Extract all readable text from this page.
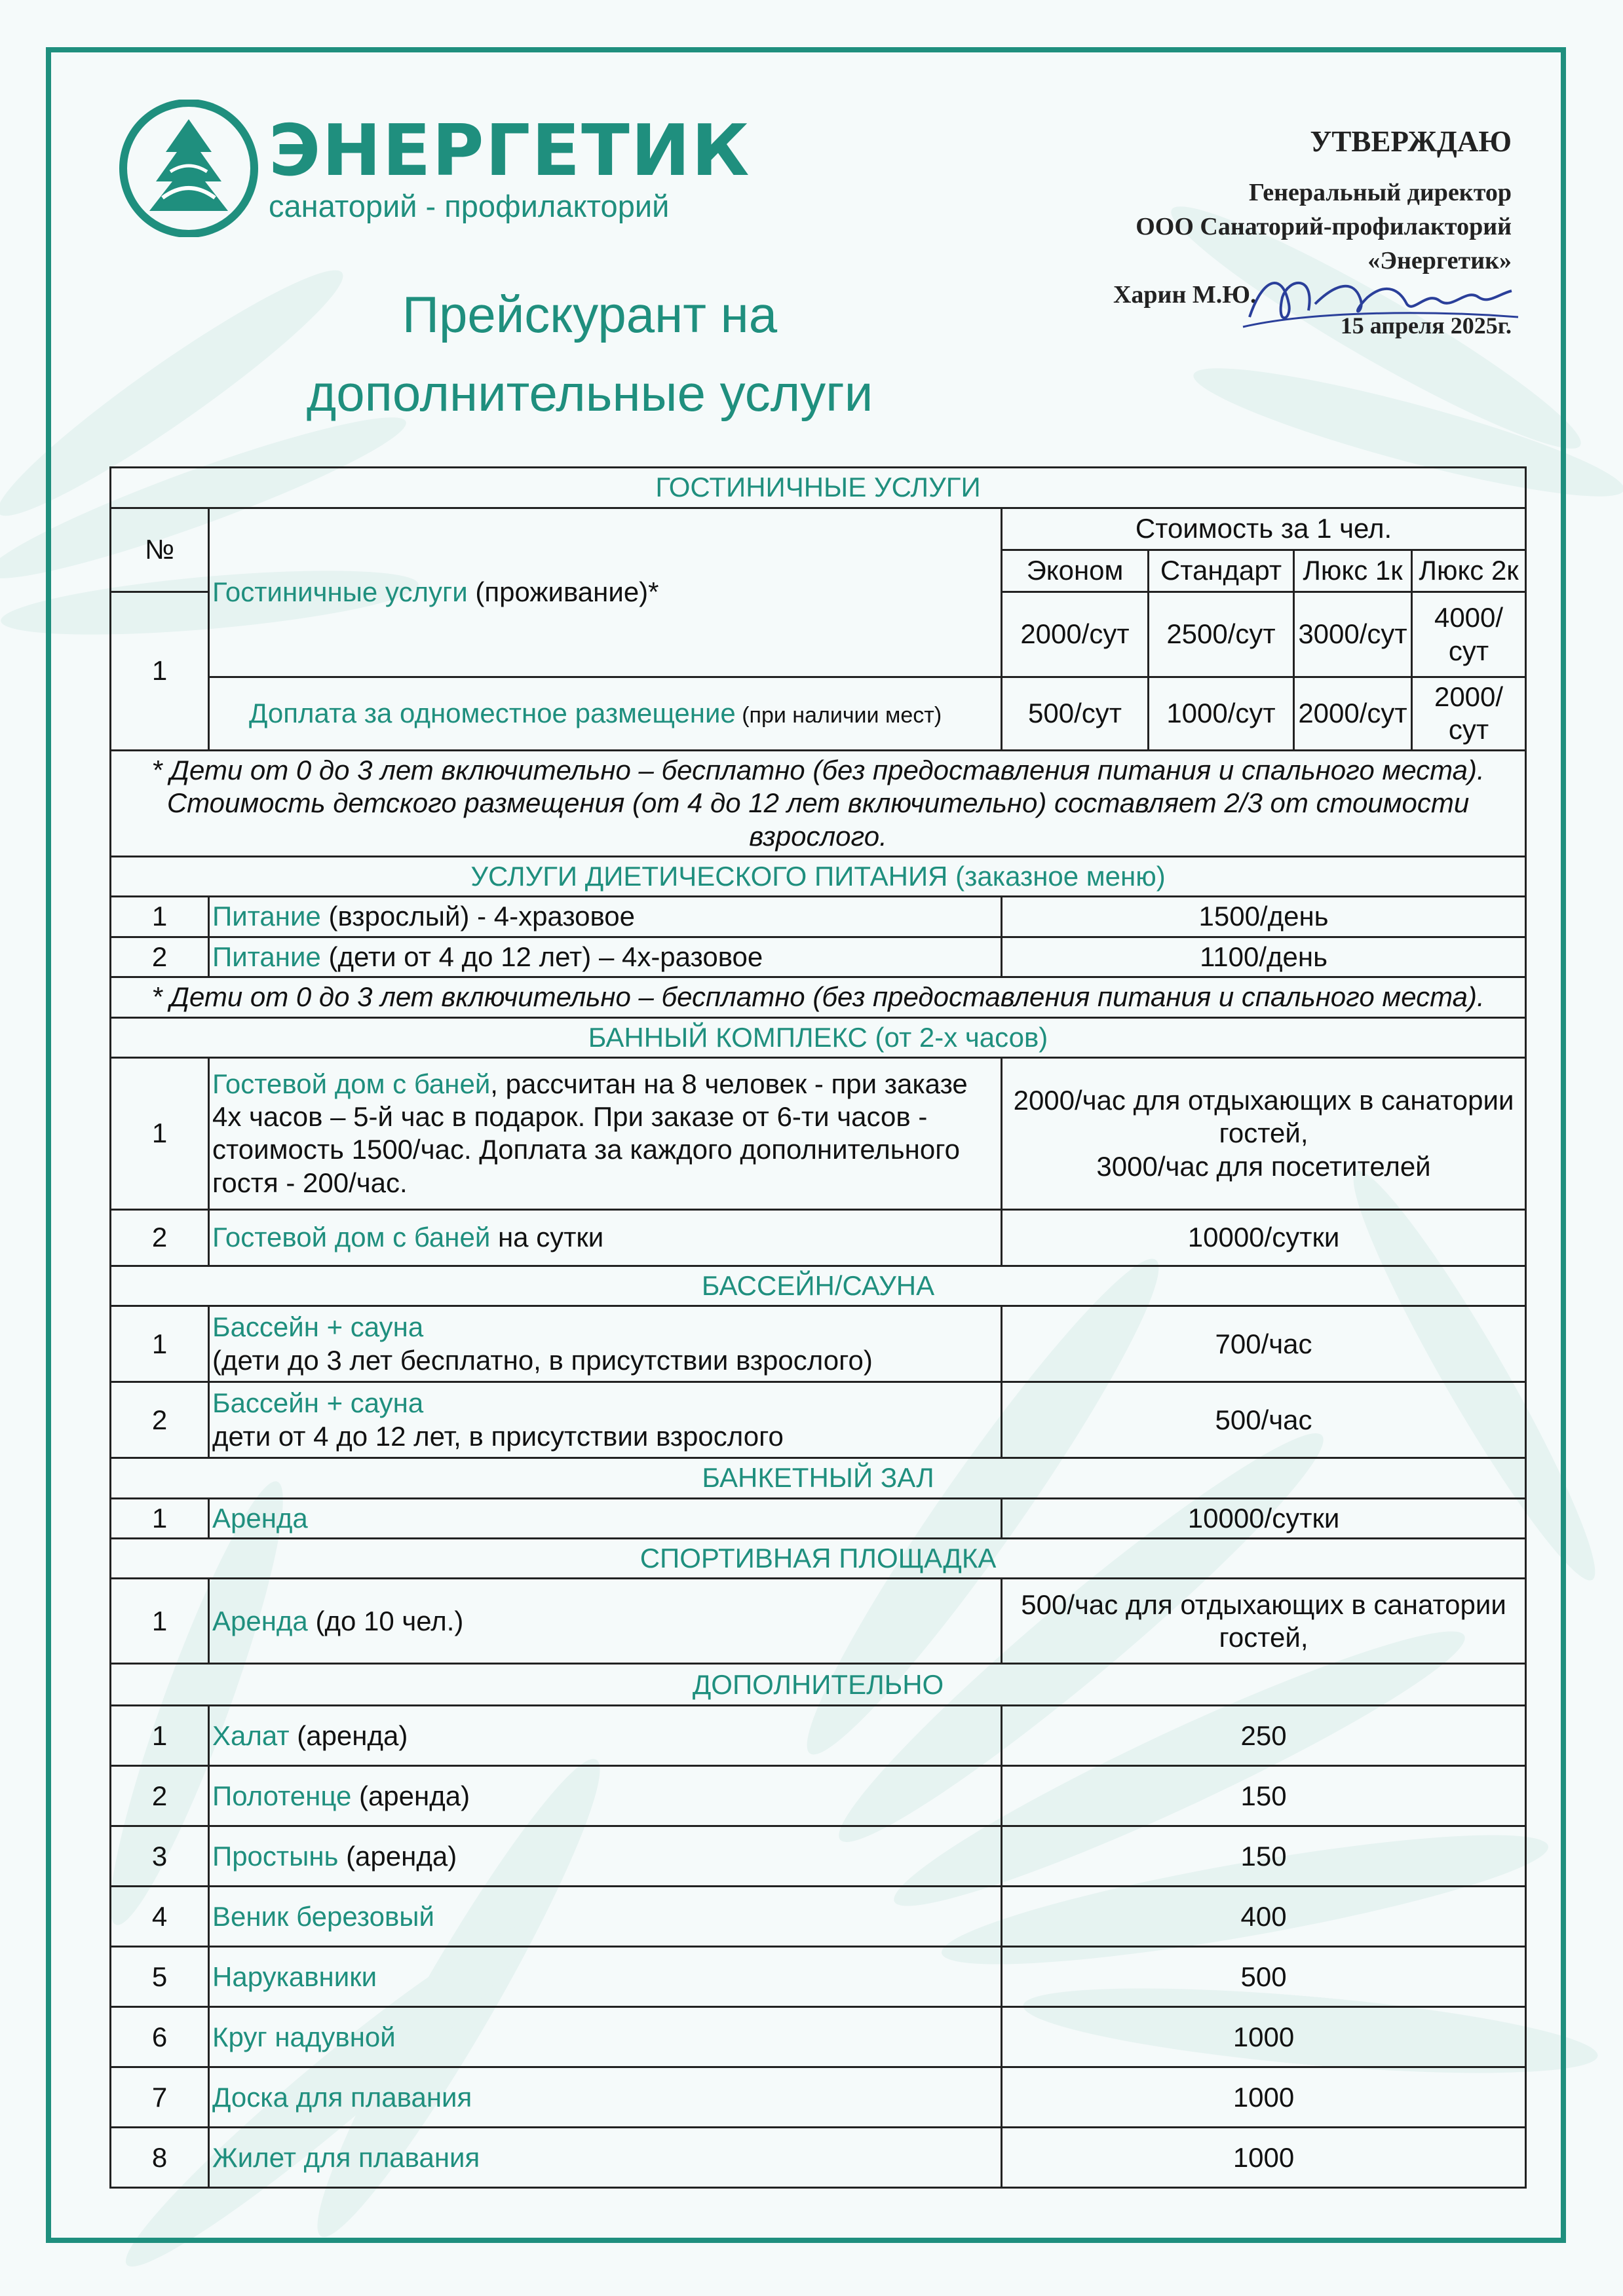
ЭНЕРГЕТИК
санаторий - профилакторий
УТВЕРЖДАЮ
Генеральный директор
ООО Санаторий-профилакторий
«Энергетик»
Харин М.Ю.
15 апреля 2025г.
Прейскурант на
дополнительные услуги
ГОСТИНИЧНЫЕ УСЛУГИ					
№	Гостиничные услуги (проживание)*	Стоимость за 1 чел.			
		Эконом	Стандарт	Люкс 1к	Люкс 2к
1		2000/сут	2500/сут	3000/сут	4000/сут
	Доплата за одноместное размещение (при наличии мест)	500/сут	1000/сут	2000/сут	2000/сут
* Дети от 0 до 3 лет включительно – бесплатно (без предоставления питания и спального места). Стоимость детского размещения (от 4 до 12 лет включительно) составляет 2/3 от стоимости взрослого.					
УСЛУГИ ДИЕТИЧЕСКОГО ПИТАНИЯ (заказное меню)					
1	Питание (взрослый) - 4-хразовое	1500/день			
2	Питание (дети от 4 до 12 лет) – 4х-разовое	1100/день			
* Дети от 0 до 3 лет включительно – бесплатно (без предоставления питания и спального места).					
БАННЫЙ КОМПЛЕКС (от 2-х часов)					
1	Гостевой дом с баней, рассчитан на 8 человек - при заказе 4х часов – 5-й час в подарок. При заказе от 6-ти часов - стоимость 1500/час. Доплата за каждого дополнительного гостя - 200/час.	2000/час для отдыхающих в санатории гостей,
3000/час для посетителей			

2	Гостевой дом с баней на сутки	10000/сутки			
БАССЕЙН/САУНА					
1	Бассейн + сауна
(дети до 3 лет бесплатно, в присутствии взрослого)	700/час			
2	Бассейн + сауна
дети от 4 до 12 лет, в присутствии взрослого	500/час			
БАНКЕТНЫЙ ЗАЛ					
1	Аренда	10000/сутки			
СПОРТИВНАЯ ПЛОЩАДКА					
1	Аренда (до 10 чел.)	500/час для отдыхающих в санатории гостей,			
ДОПОЛНИТЕЛЬНО					
1	Халат (аренда)	250			
2	Полотенце (аренда)	150			
3	Простынь (аренда)	150			
4	Веник березовый	400			
5	Нарукавники	500			
6	Круг надувной	1000			
7	Доска для плавания	1000			
8	Жилет для плавания	1000			
